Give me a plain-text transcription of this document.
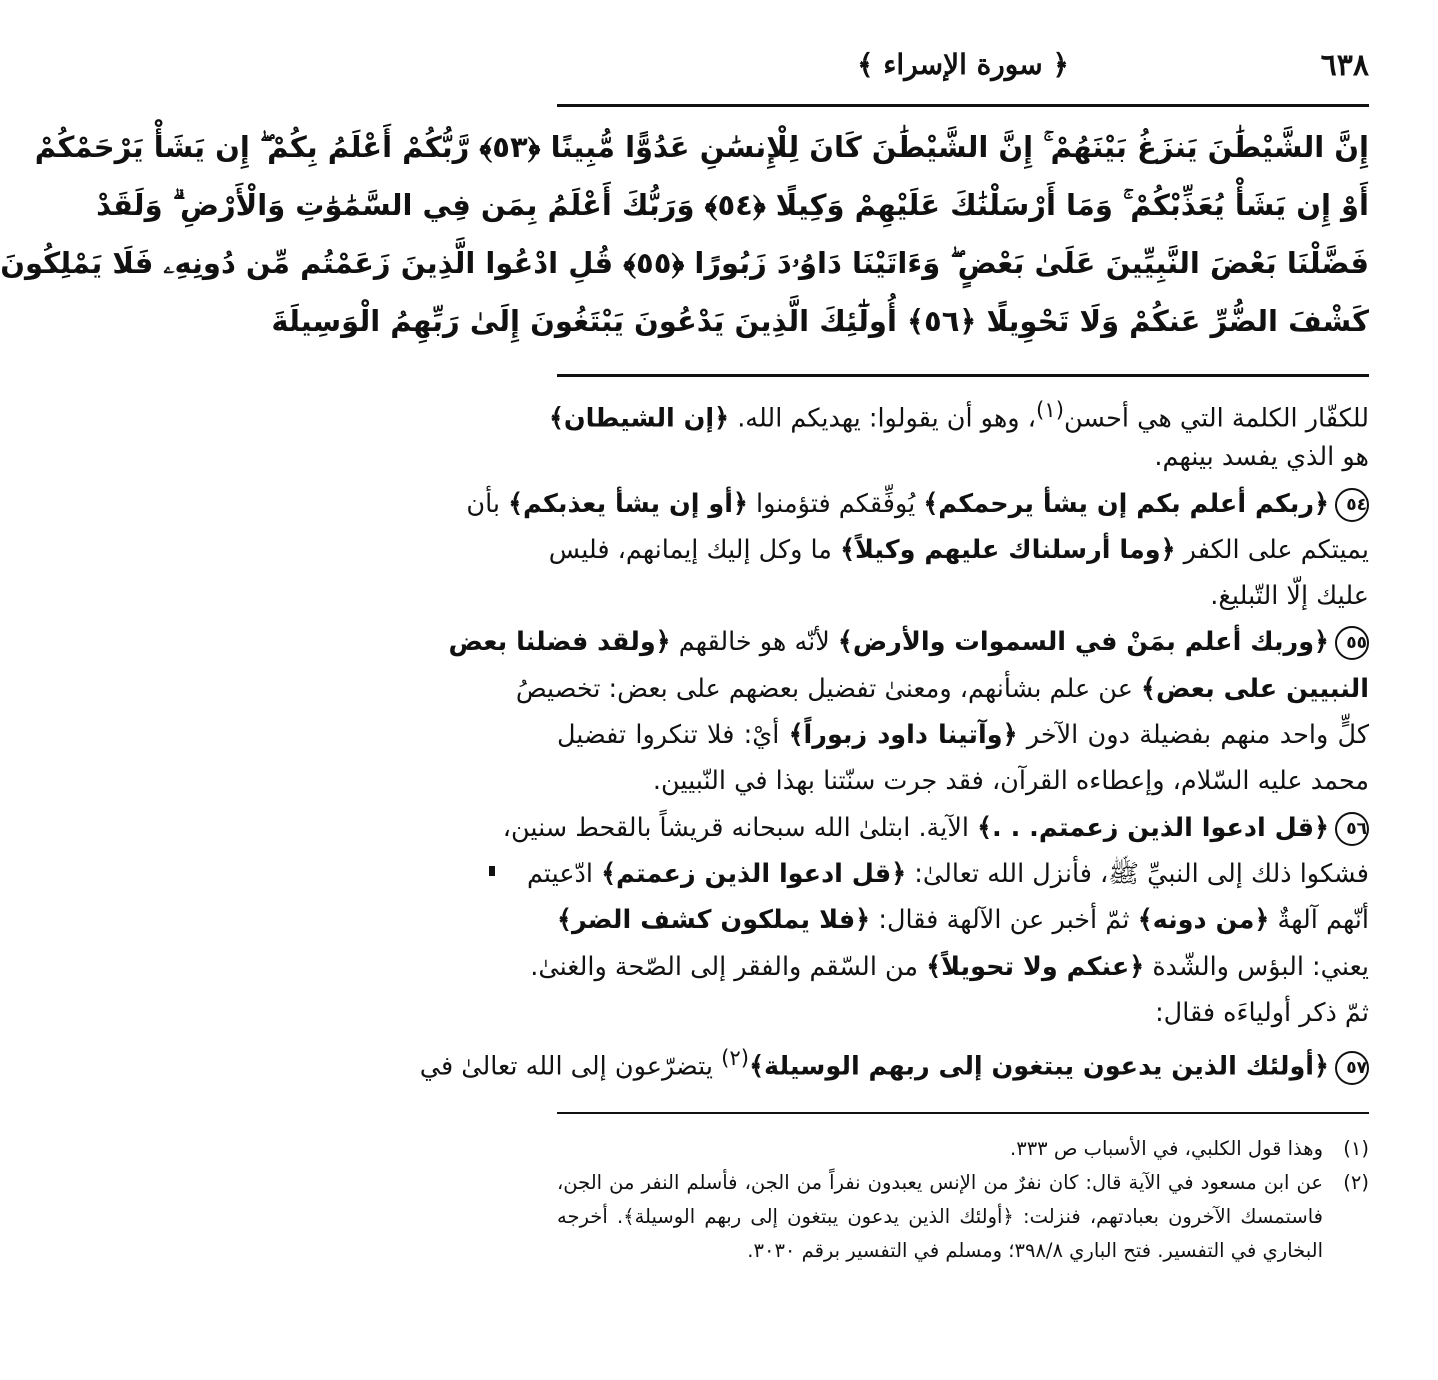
٦٣٨
﴿ سورة الإسراء ﴾
إِنَّ الشَّيْطَٰنَ يَنزَغُ بَيْنَهُمْ ۚ إِنَّ الشَّيْطَٰنَ كَانَ لِلْإِنسَٰنِ عَدُوًّا مُّبِينًا ﴿٥٣﴾ رَّبُّكُمْ أَعْلَمُ بِكُمْ ۖ إِن يَشَأْ يَرْحَمْكُمْ
أَوْ إِن يَشَأْ يُعَذِّبْكُمْ ۚ وَمَا أَرْسَلْنَٰكَ عَلَيْهِمْ وَكِيلًا ﴿٥٤﴾ وَرَبُّكَ أَعْلَمُ بِمَن فِي السَّمَٰوَٰتِ وَالْأَرْضِ ۗ وَلَقَدْ
فَضَّلْنَا بَعْضَ النَّبِيِّينَ عَلَىٰ بَعْضٍ ۖ وَءَاتَيْنَا دَاوُۥدَ زَبُورًا ﴿٥٥﴾ قُلِ ادْعُوا الَّذِينَ زَعَمْتُم مِّن دُونِهِۦ فَلَا يَمْلِكُونَ
كَشْفَ الضُّرِّ عَنكُمْ وَلَا تَحْوِيلًا ﴿٥٦﴾ أُولَٰٓئِكَ الَّذِينَ يَدْعُونَ يَبْتَغُونَ إِلَىٰ رَبِّهِمُ الْوَسِيلَةَ
للكفّار الكلمة التي هي أحسن$^{(١)}$، وهو أن يقولوا: يهديكم الله. ﴿إن الشيطان﴾
هو الذي يفسد بينهم.
٥٤﴿ربكم أعلم بكم إن يشأ يرحمكم﴾ يُوفِّقكم فتؤمنوا ﴿أو إن يشأ يعذبكم﴾ بأن
يميتكم على الكفر ﴿وما أرسلناك عليهم وكيلاً﴾ ما وكل إليك إيمانهم، فليس
عليك إلّا التّبليغ.
٥٥﴿وربك أعلم بمَنْ في السموات والأرض﴾ لأنّه هو خالقهم ﴿ولقد فضلنا بعض
النبيين على بعض﴾ عن علم بشأنهم، ومعنىٰ تفضيل بعضهم على بعض: تخصيصُ
كلٍّ واحد منهم بفضيلة دون الآخر ﴿وآتينا داود زبوراً﴾ أيْ: فلا تنكروا تفضيل
محمد عليه السّلام، وإعطاءه القرآن، فقد جرت سنّتنا بهذا في النّبيين.
٥٦﴿قل ادعوا الذين زعمتم. . .﴾ الآية. ابتلىٰ الله سبحانه قريشاً بالقحط سنين،
فشكوا ذلك إلى النبيِّ ﷺ، فأنزل الله تعالىٰ: ﴿قل ادعوا الذين زعمتم﴾ ادّعيتم
أنّهم آلهةٌ ﴿من دونه﴾ ثمّ أخبر عن الآلهة فقال: ﴿فلا يملكون كشف الضر﴾
يعني: البؤس والشّدة ﴿عنكم ولا تحويلاً﴾ من السّقم والفقر إلى الصّحة والغنىٰ.
ثمّ ذكر أولياءَه فقال:
٥٧﴿أولئك الذين يدعون يبتغون إلى ربهم الوسيلة﴾$^{(٢)}$ يتضرّعون إلى الله تعالىٰ في
(١)
وهذا قول الكلبي، في الأسباب ص ٣٣٣.
(٢)
عن ابن مسعود في الآية قال: كان نفرٌ من الإنس يعبدون نفراً من الجن، فأسلم النفر من الجن، فاستمسك الآخرون بعبادتهم، فنزلت: ﴿أولئك الذين يدعون يبتغون إلى ربهم الوسيلة﴾. أخرجه البخاري في التفسير. فتح الباري ٣٩٨/٨؛ ومسلم في التفسير برقم ٣٠٣٠.
